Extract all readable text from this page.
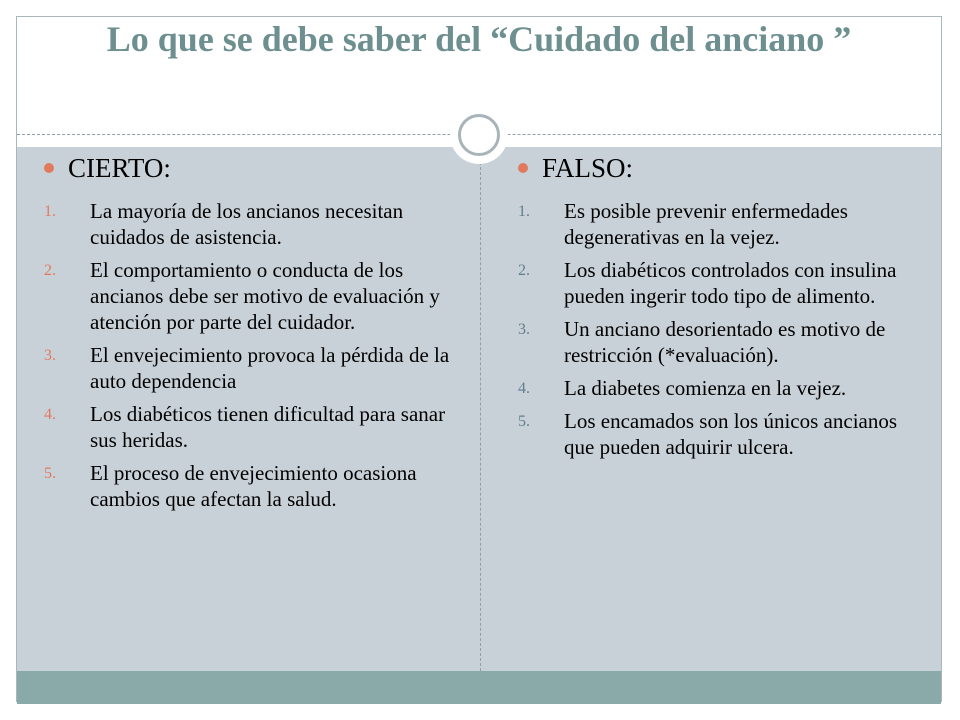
Lo que se debe saber del “Cuidado del anciano ”
CIERTO:
1. La mayoría de los ancianos necesitan cuidados de asistencia.
2. El comportamiento o conducta de los ancianos debe ser motivo de evaluación y atención por parte del cuidador.
3. El envejecimiento provoca la pérdida de la auto dependencia
4. Los diabéticos tienen dificultad para sanar sus heridas.
5. El proceso de envejecimiento ocasiona cambios que afectan la salud.
FALSO:
1. Es posible prevenir enfermedades degenerativas en la vejez.
2. Los diabéticos controlados con insulina pueden ingerir todo tipo de alimento.
3. Un anciano desorientado es motivo de restricción (*evaluación).
4. La diabetes comienza en la vejez.
5. Los encamados son los únicos ancianos que pueden adquirir ulcera.
